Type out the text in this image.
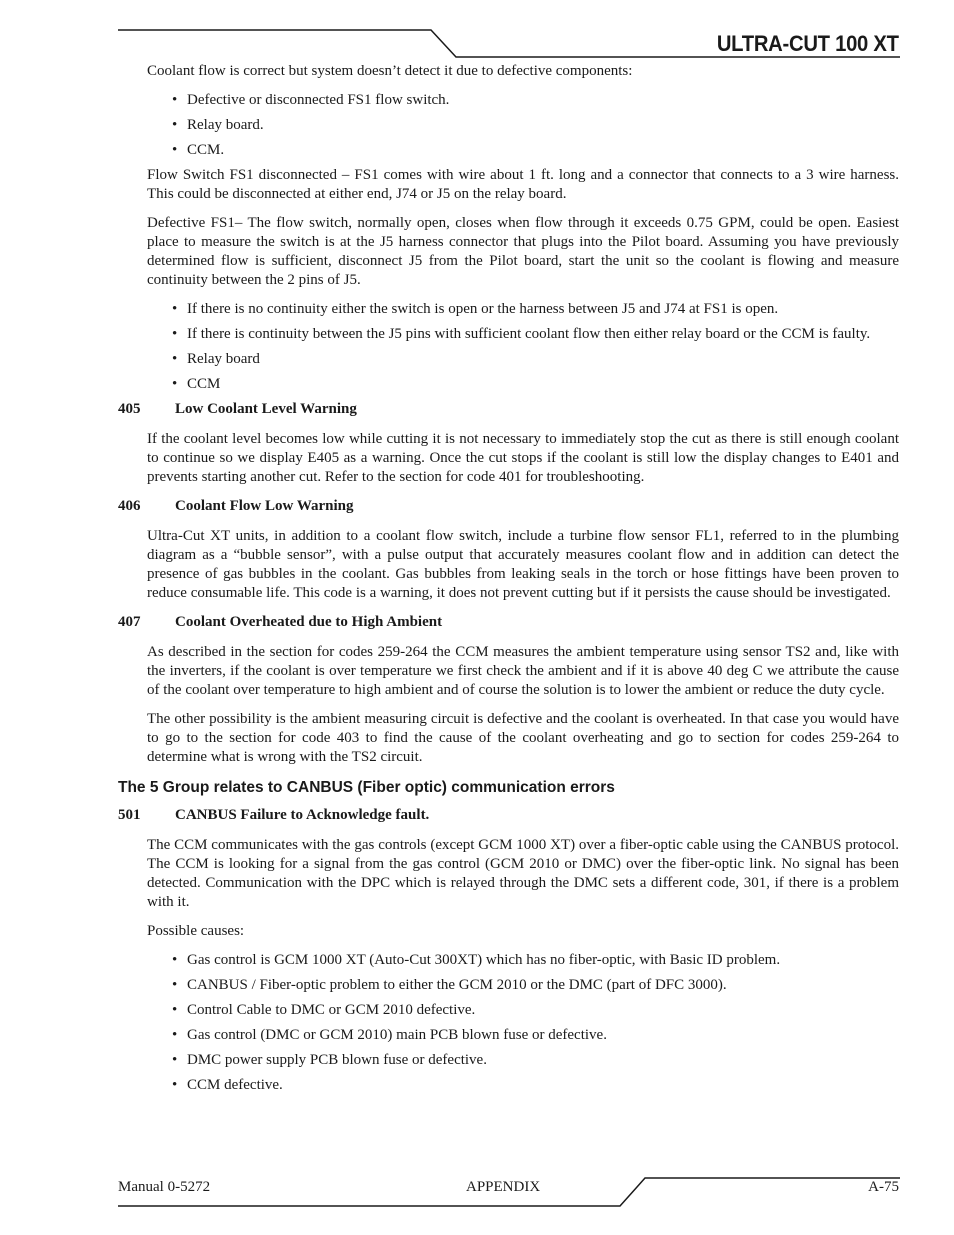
ULTRA-CUT 100 XT

Coolant flow is correct but system doesn’t detect it due to defective components:

• Defective or disconnected FS1 flow switch.
• Relay board.
• CCM.

Flow Switch FS1 disconnected – FS1 comes with wire about 1 ft. long and a connector that connects to a 3 wire harness. This could be disconnected at either end, J74 or J5 on the relay board.

Defective FS1– The flow switch, normally open, closes when flow through it exceeds 0.75 GPM, could be open. Easiest place to measure the switch is at the J5 harness connector that plugs into the Pilot board. Assuming you have previously determined flow is sufficient, disconnect J5 from the Pilot board, start the unit so the coolant is flowing and measure continuity between the 2 pins of J5.

• If there is no continuity either the switch is open or the harness between J5 and J74 at FS1 is open.
• If there is continuity between the J5 pins with sufficient coolant flow then either relay board or the CCM is faulty.
• Relay board
• CCM
405	Low Coolant Level Warning

If the coolant level becomes low while cutting it is not necessary to immediately stop the cut as there is still enough coolant to continue so we display E405 as a warning. Once the cut stops if the coolant is still low the display changes to E401 and prevents starting another cut. Refer to the section for code 401 for troubleshooting.

406	Coolant Flow Low Warning

Ultra-Cut XT units, in addition to a coolant flow switch, include a turbine flow sensor FL1, referred to in the plumbing diagram as a “bubble sensor”, with a pulse output that accurately measures coolant flow and in addition can detect the presence of gas bubbles in the coolant. Gas bubbles from leaking seals in the torch or hose fittings have been proven to reduce consumable life. This code is a warning, it does not prevent cutting but if it persists the cause should be investigated.

407	Coolant Overheated due to High Ambient

As described in the section for codes 259-264 the CCM measures the ambient temperature using sensor TS2 and, like with the inverters, if the coolant is over temperature we first check the ambient and if it is above 40 deg C we attribute the cause of the coolant over temperature to high ambient and of course the solution is to lower the ambient or reduce the duty cycle.

The other possibility is the ambient measuring circuit is defective and the coolant is overheated. In that case you would have to go to the section for code 403 to find the cause of the coolant overheating and go to section for codes 259-264 to determine what is wrong with the TS2 circuit.

The 5 Group relates to CANBUS (Fiber optic) communication errors
501	CANBUS Failure to Acknowledge fault.

The CCM communicates with the gas controls (except GCM 1000 XT) over a fiber-optic cable using the CANBUS protocol. The CCM is looking for a signal from the gas control (GCM 2010 or DMC) over the fiber-optic link. No signal has been detected. Communication with the DPC which is relayed through the DMC sets a different code, 301, if there is a problem with it.

Possible causes:

• Gas control is GCM 1000 XT (Auto-Cut 300XT) which has no fiber-optic, with Basic ID problem.
• CANBUS / Fiber-optic problem to either the GCM 2010 or the DMC (part of DFC 3000).
• Control Cable to DMC or GCM 2010 defective.
• Gas control (DMC or GCM 2010) main PCB blown fuse or defective.
• DMC power supply PCB blown fuse or defective.
• CCM defective.
Manual 0-5272	APPENDIX	A-75
